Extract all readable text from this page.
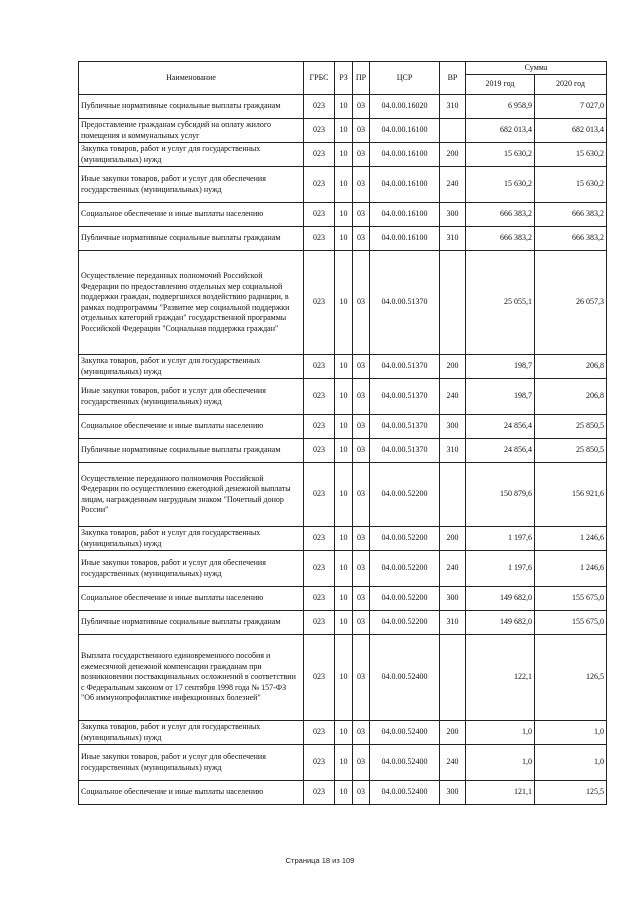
Наименование	ГРБС	РЗ	ПР	ЦСР	ВР	Сумма	
						2019 год	2020 год
Публичные нормативные социальные выплаты гражданам	023	10	03	04.0.00.16020	310	6 958,9	7 027,0
Предоставление гражданам субсидий на оплату жилого помещения и коммунальных услуг	023	10	03	04.0.00.16100		682 013,4	682 013,4
Закупка товаров, работ и услуг для государственных (муниципальных) нужд	023	10	03	04.0.00.16100	200	15 630,2	15 630,2
Иные закупки товаров, работ и услуг для обеспечения государственных (муниципальных) нужд	023	10	03	04.0.00.16100	240	15 630,2	15 630,2
Социальное обеспечение и иные выплаты населению	023	10	03	04.0.00.16100	300	666 383,2	666 383,2
Публичные нормативные социальные выплаты гражданам	023	10	03	04.0.00.16100	310	666 383,2	666 383,2
Осуществление переданных полномочий Российской Федерации по предоставлению отдельных мер социальной поддержки граждан, подвергшихся воздействию радиации, в рамках подпрограммы "Развитие мер социальной поддержки отдельных категорий граждан" государственной программы Российской Федерации "Социальная поддержка граждан"	023	10	03	04.0.00.51370		25 055,1	26 057,3
Закупка товаров, работ и услуг для государственных (муниципальных) нужд	023	10	03	04.0.00.51370	200	198,7	206,8
Иные закупки товаров, работ и услуг для обеспечения государственных (муниципальных) нужд	023	10	03	04.0.00.51370	240	198,7	206,8
Социальное обеспечение и иные выплаты населению	023	10	03	04.0.00.51370	300	24 856,4	25 850,5
Публичные нормативные социальные выплаты гражданам	023	10	03	04.0.00.51370	310	24 856,4	25 850,5
Осуществление переданного полномочия Российской Федерации по осуществлению ежегодной денежной выплаты лицам, награжденным нагрудным знаком "Почетный донор России"	023	10	03	04.0.00.52200		150 879,6	156 921,6
Закупка товаров, работ и услуг для государственных (муниципальных) нужд	023	10	03	04.0.00.52200	200	1 197,6	1 246,6
Иные закупки товаров, работ и услуг для обеспечения государственных (муниципальных) нужд	023	10	03	04.0.00.52200	240	1 197,6	1 246,6
Социальное обеспечение и иные выплаты населению	023	10	03	04.0.00.52200	300	149 682,0	155 675,0
Публичные нормативные социальные выплаты гражданам	023	10	03	04.0.00.52200	310	149 682,0	155 675,0
Выплата государственного единовременного пособия и ежемесячной денежной компенсации гражданам при возникновении поствакцинальных осложнений в соответствии с Федеральным законом от 17 сентября 1998 года № 157-ФЗ "Об иммунопрофилактике инфекционных болезней"	023	10	03	04.0.00.52400		122,1	126,5
Закупка товаров, работ и услуг для государственных (муниципальных) нужд	023	10	03	04.0.00.52400	200	1,0	1,0
Иные закупки товаров, работ и услуг для обеспечения государственных (муниципальных) нужд	023	10	03	04.0.00.52400	240	1,0	1,0
Социальное обеспечение и иные выплаты населению	023	10	03	04.0.00.52400	300	121,1	125,5
Страница 18 из 109
